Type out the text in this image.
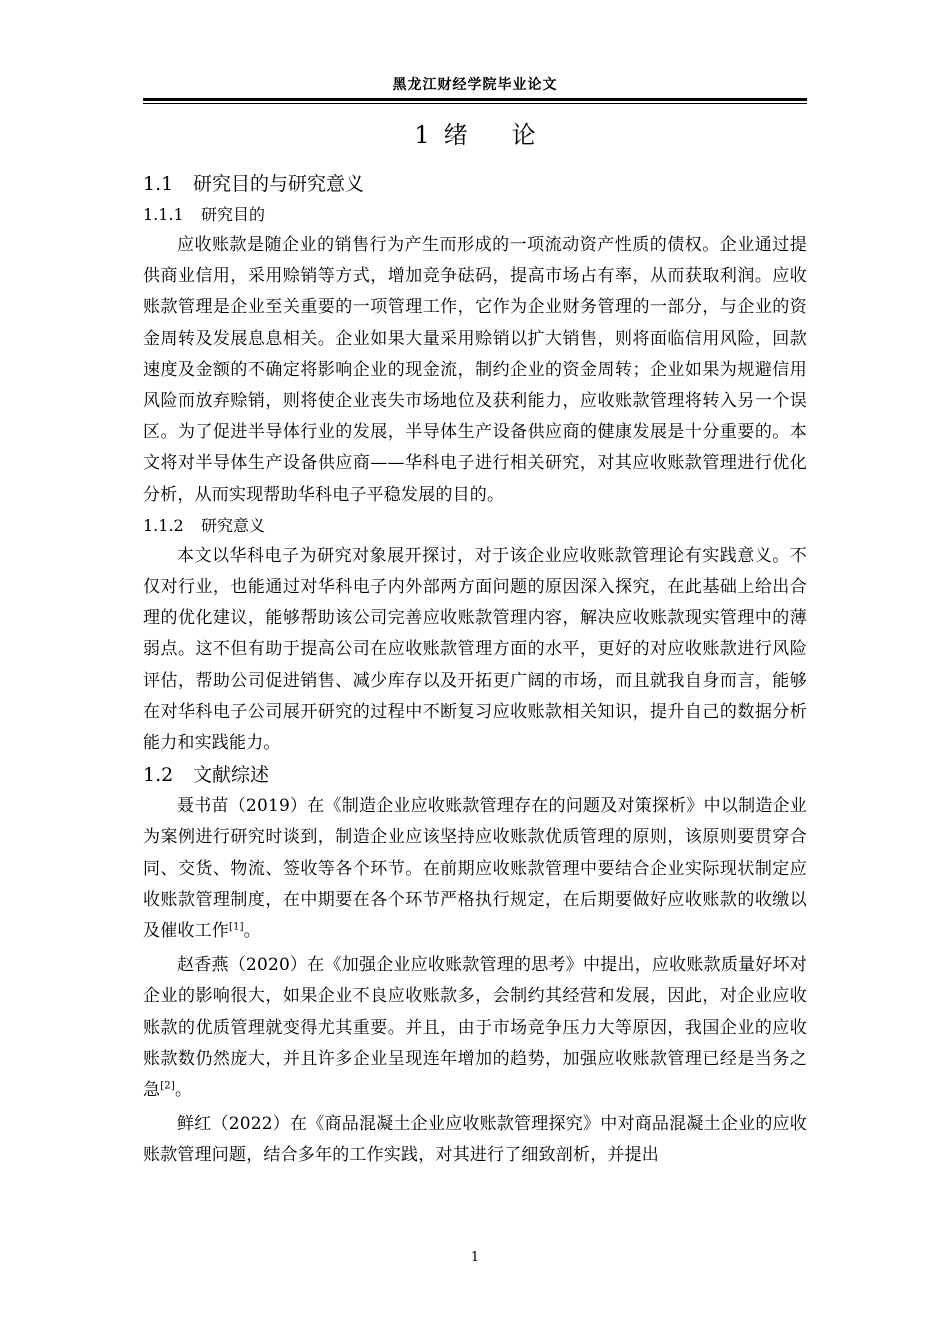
黑龙江财经学院毕业论文
1 绪 论
1.1 研究目的与研究意义
1.1.1 研究目的

应收账款是随企业的销售行为产生而形成的一项流动资产性质的债权。企业通过提供商业信用，采用赊销等方式，增加竞争砝码，提高市场占有率，从而获取利润。应收账款管理是企业至关重要的一项管理工作，它作为企业财务管理的一部分，与企业的资金周转及发展息息相关。企业如果大量采用赊销以扩大销售，则将面临信用风险，回款速度及金额的不确定将影响企业的现金流，制约企业的资金周转；企业如果为规避信用风险而放弃赊销，则将使企业丧失市场地位及获利能力，应收账款管理将转入另一个误区。为了促进半导体行业的发展，半导体生产设备供应商的健康发展是十分重要的。本文将对半导体生产设备供应商——华科电子进行相关研究，对其应收账款管理进行优化分析，从而实现帮助华科电子平稳发展的目的。

1.1.2 研究意义

本文以华科电子为研究对象展开探讨，对于该企业应收账款管理论有实践意义。不仅对行业，也能通过对华科电子内外部两方面问题的原因深入探究，在此基础上给出合理的优化建议，能够帮助该公司完善应收账款管理内容，解决应收账款现实管理中的薄弱点。这不但有助于提高公司在应收账款管理方面的水平，更好的对应收账款进行风险评估，帮助公司促进销售、减少库存以及开拓更广阔的市场，而且就我自身而言，能够在对华科电子公司展开研究的过程中不断复习应收账款相关知识，提升自己的数据分析能力和实践能力。

1.2 文献综述

聂书苗（2019）在《制造企业应收账款管理存在的问题及对策探析》中以制造企业为案例进行研究时谈到，制造企业应该坚持应收账款优质管理的原则，该原则要贯穿合同、交货、物流、签收等各个环节。在前期应收账款管理中要结合企业实际现状制定应收账款管理制度，在中期要在各个环节严格执行规定，在后期要做好应收账款的收缴以及催收工作[1]。

赵香燕（2020）在《加强企业应收账款管理的思考》中提出，应收账款质量好坏对企业的影响很大，如果企业不良应收账款多，会制约其经营和发展，因此，对企业应收账款的优质管理就变得尤其重要。并且，由于市场竞争压力大等原因，我国企业的应收账款数仍然庞大，并且许多企业呈现连年增加的趋势，加强应收账款管理已经是当务之急[2]。

鲜红（2022）在《商品混凝土企业应收账款管理探究》中对商品混凝土企业的应收账款管理问题，结合多年的工作实践，对其进行了细致剖析，并提出

1
